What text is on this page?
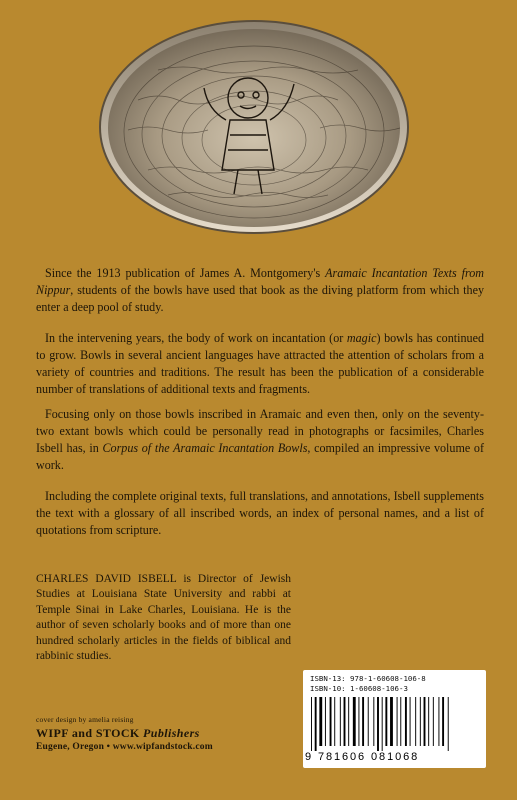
Since the 1913 publication of James A. Montgomery's Aramaic Incantation Texts from Nippur, students of the bowls have used that book as the diving platform from which they enter a deep pool of study.

In the intervening years, the body of work on incantation (or magic) bowls has continued to grow. Bowls in several ancient languages have attracted the attention of scholars from a variety of countries and traditions. The result has been the publication of a considerable number of translations of additional texts and fragments.

Focusing only on those bowls inscribed in Aramaic and even then, only on the seventy-two extant bowls which could be personally read in photographs or facsimiles, Charles Isbell has, in Corpus of the Aramaic Incantation Bowls, compiled an impressive volume of work.

Including the complete original texts, full translations, and annotations, Isbell supplements the text with a glossary of all inscribed words, an index of personal names, and a list of quotations from scripture.

CHARLES DAVID ISBELL is Director of Jewish Studies at Louisiana State University and rabbi at Temple Sinai in Lake Charles, Louisiana. He is the author of seven scholarly books and of more than one hundred scholarly articles in the fields of biblical and rabbinic studies.

cover design by amelia reising
WIPF and STOCK Publishers
Eugene, Oregon • www.wipfandstock.com
ISBN-13: 978-1-60608-106-8
ISBN-10: 1-60608-106-3
9 781606 081068
